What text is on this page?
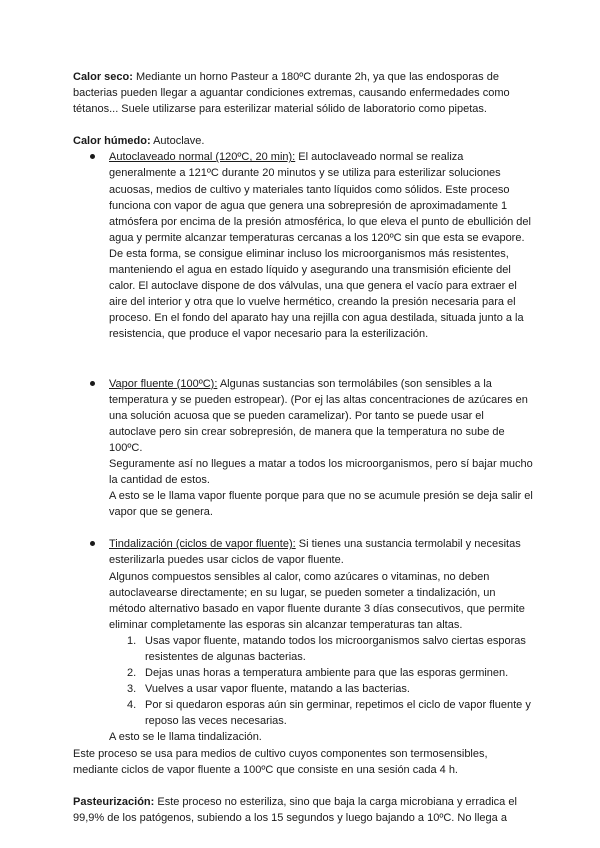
Calor seco: Mediante un horno Pasteur a 180ºC durante 2h, ya que las endosporas de bacterias pueden llegar a aguantar condiciones extremas, causando enfermedades como tétanos... Suele utilizarse para esterilizar material sólido de laboratorio como pipetas.

Calor húmedo: Autoclave.

Autoclaveado normal (120ºC, 20 min): El autoclaveado normal se realiza generalmente a 121ºC durante 20 minutos y se utiliza para esterilizar soluciones acuosas, medios de cultivo y materiales tanto líquidos como sólidos. Este proceso funciona con vapor de agua que genera una sobrepresión de aproximadamente 1 atmósfera por encima de la presión atmosférica, lo que eleva el punto de ebullición del agua y permite alcanzar temperaturas cercanas a los 120ºC sin que esta se evapore. De esta forma, se consigue eliminar incluso los microorganismos más resistentes, manteniendo el agua en estado líquido y asegurando una transmisión eficiente del calor. El autoclave dispone de dos válvulas, una que genera el vacío para extraer el aire del interior y otra que lo vuelve hermético, creando la presión necesaria para el proceso. En el fondo del aparato hay una rejilla con agua destilada, situada junto a la resistencia, que produce el vapor necesario para la esterilización.
Vapor fluente (100ºC): Algunas sustancias son termolábiles (son sensibles a la temperatura y se pueden estropear). (Por ej las altas concentraciones de azúcares en una solución acuosa que se pueden caramelizar). Por tanto se puede usar el autoclave pero sin crear sobrepresión, de manera que la temperatura no sube de 100ºC.
Seguramente así no llegues a matar a todos los microorganismos, pero sí bajar mucho la cantidad de estos.
A esto se le llama vapor fluente porque para que no se acumule presión se deja salir el vapor que se genera.
Tindalización (ciclos de vapor fluente): Si tienes una sustancia termolabil y necesitas esterilizarla puedes usar ciclos de vapor fluente.
Algunos compuestos sensibles al calor, como azúcares o vitaminas, no deben autoclavearse directamente; en su lugar, se pueden someter a tindalización, un método alternativo basado en vapor fluente durante 3 días consecutivos, que permite eliminar completamente las esporas sin alcanzar temperaturas tan altas.
1. Usas vapor fluente, matando todos los microorganismos salvo ciertas esporas resistentes de algunas bacterias.
2. Dejas unas horas a temperatura ambiente para que las esporas germinen.
3. Vuelves a usar vapor fluente, matando a las bacterias.
4. Por si quedaron esporas aún sin germinar, repetimos el ciclo de vapor fluente y reposo las veces necesarias.
A esto se le llama tindalización.

Este proceso se usa para medios de cultivo cuyos componentes son termosensibles, mediante ciclos de vapor fluente a 100ºC que consiste en una sesión cada 4 h.

Pasteurización: Este proceso no esteriliza, sino que baja la carga microbiana y erradica el 99,9% de los patógenos, subiendo a los 15 segundos y luego bajando a 10ºC. No llega a
